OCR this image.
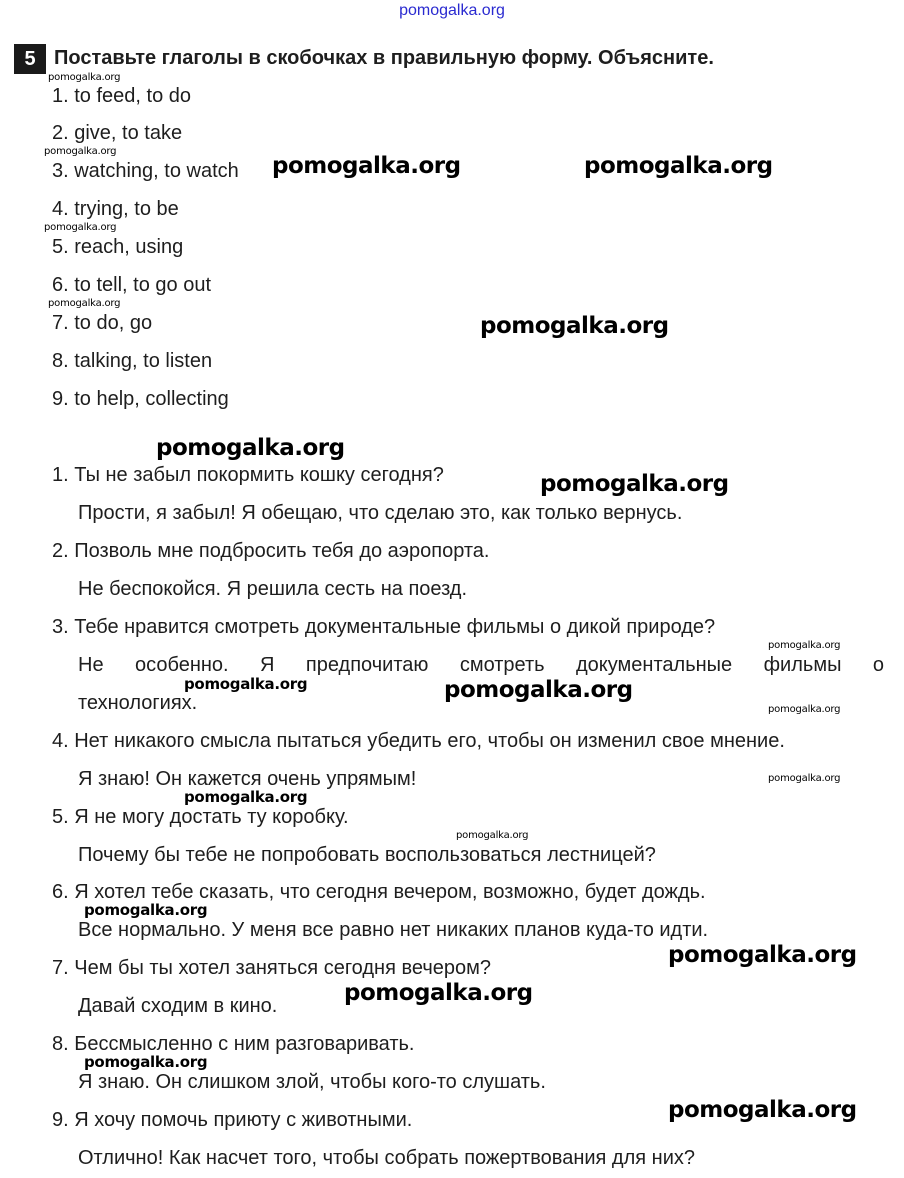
pomogalka.org
5 Поставьте глаголы в скобочках в правильную форму. Объясните.
1. to feed, to do
2. give, to take
3. watching, to watch
4. trying, to be
5. reach, using
6. to tell, to go out
7. to do, go
8. talking, to listen
9. to help, collecting
1. Ты не забыл покормить кошку сегодня?
Прости, я забыл! Я обещаю, что сделаю это, как только вернусь.
2. Позволь мне подбросить тебя до аэропорта.
Не беспокойся. Я решила сесть на поезд.
3. Тебе нравится смотреть документальные фильмы о дикой природе?
Не особенно. Я предпочитаю смотреть документальные фильмы о
технологиях.
4. Нет никакого смысла пытаться убедить его, чтобы он изменил свое мнение.
Я знаю! Он кажется очень упрямым!
5. Я не могу достать ту коробку.
Почему бы тебе не попробовать воспользоваться лестницей?
6. Я хотел тебе сказать, что сегодня вечером, возможно, будет дождь.
Все нормально. У меня все равно нет никаких планов куда-то идти.
7. Чем бы ты хотел заняться сегодня вечером?
Давай сходим в кино.
8. Бессмысленно с ним разговаривать.
Я знаю. Он слишком злой, чтобы кого-то слушать.
9. Я хочу помочь приюту с животными.
Отлично! Как насчет того, чтобы собрать пожертвования для них?
pomogalka.org
pomogalka.org
pomogalka.org
pomogalka.org
pomogalka.org
pomogalka.org
pomogalka.org
pomogalka.org
pomogalka.org
pomogalka.org
pomogalka.org
pomogalka.org
pomogalka.org	pomogalka.org
pomogalka.org
pomogalka.org
pomogalka.org
pomogalka.org
pomogalka.org
pomogalka.org
pomogalka.org
